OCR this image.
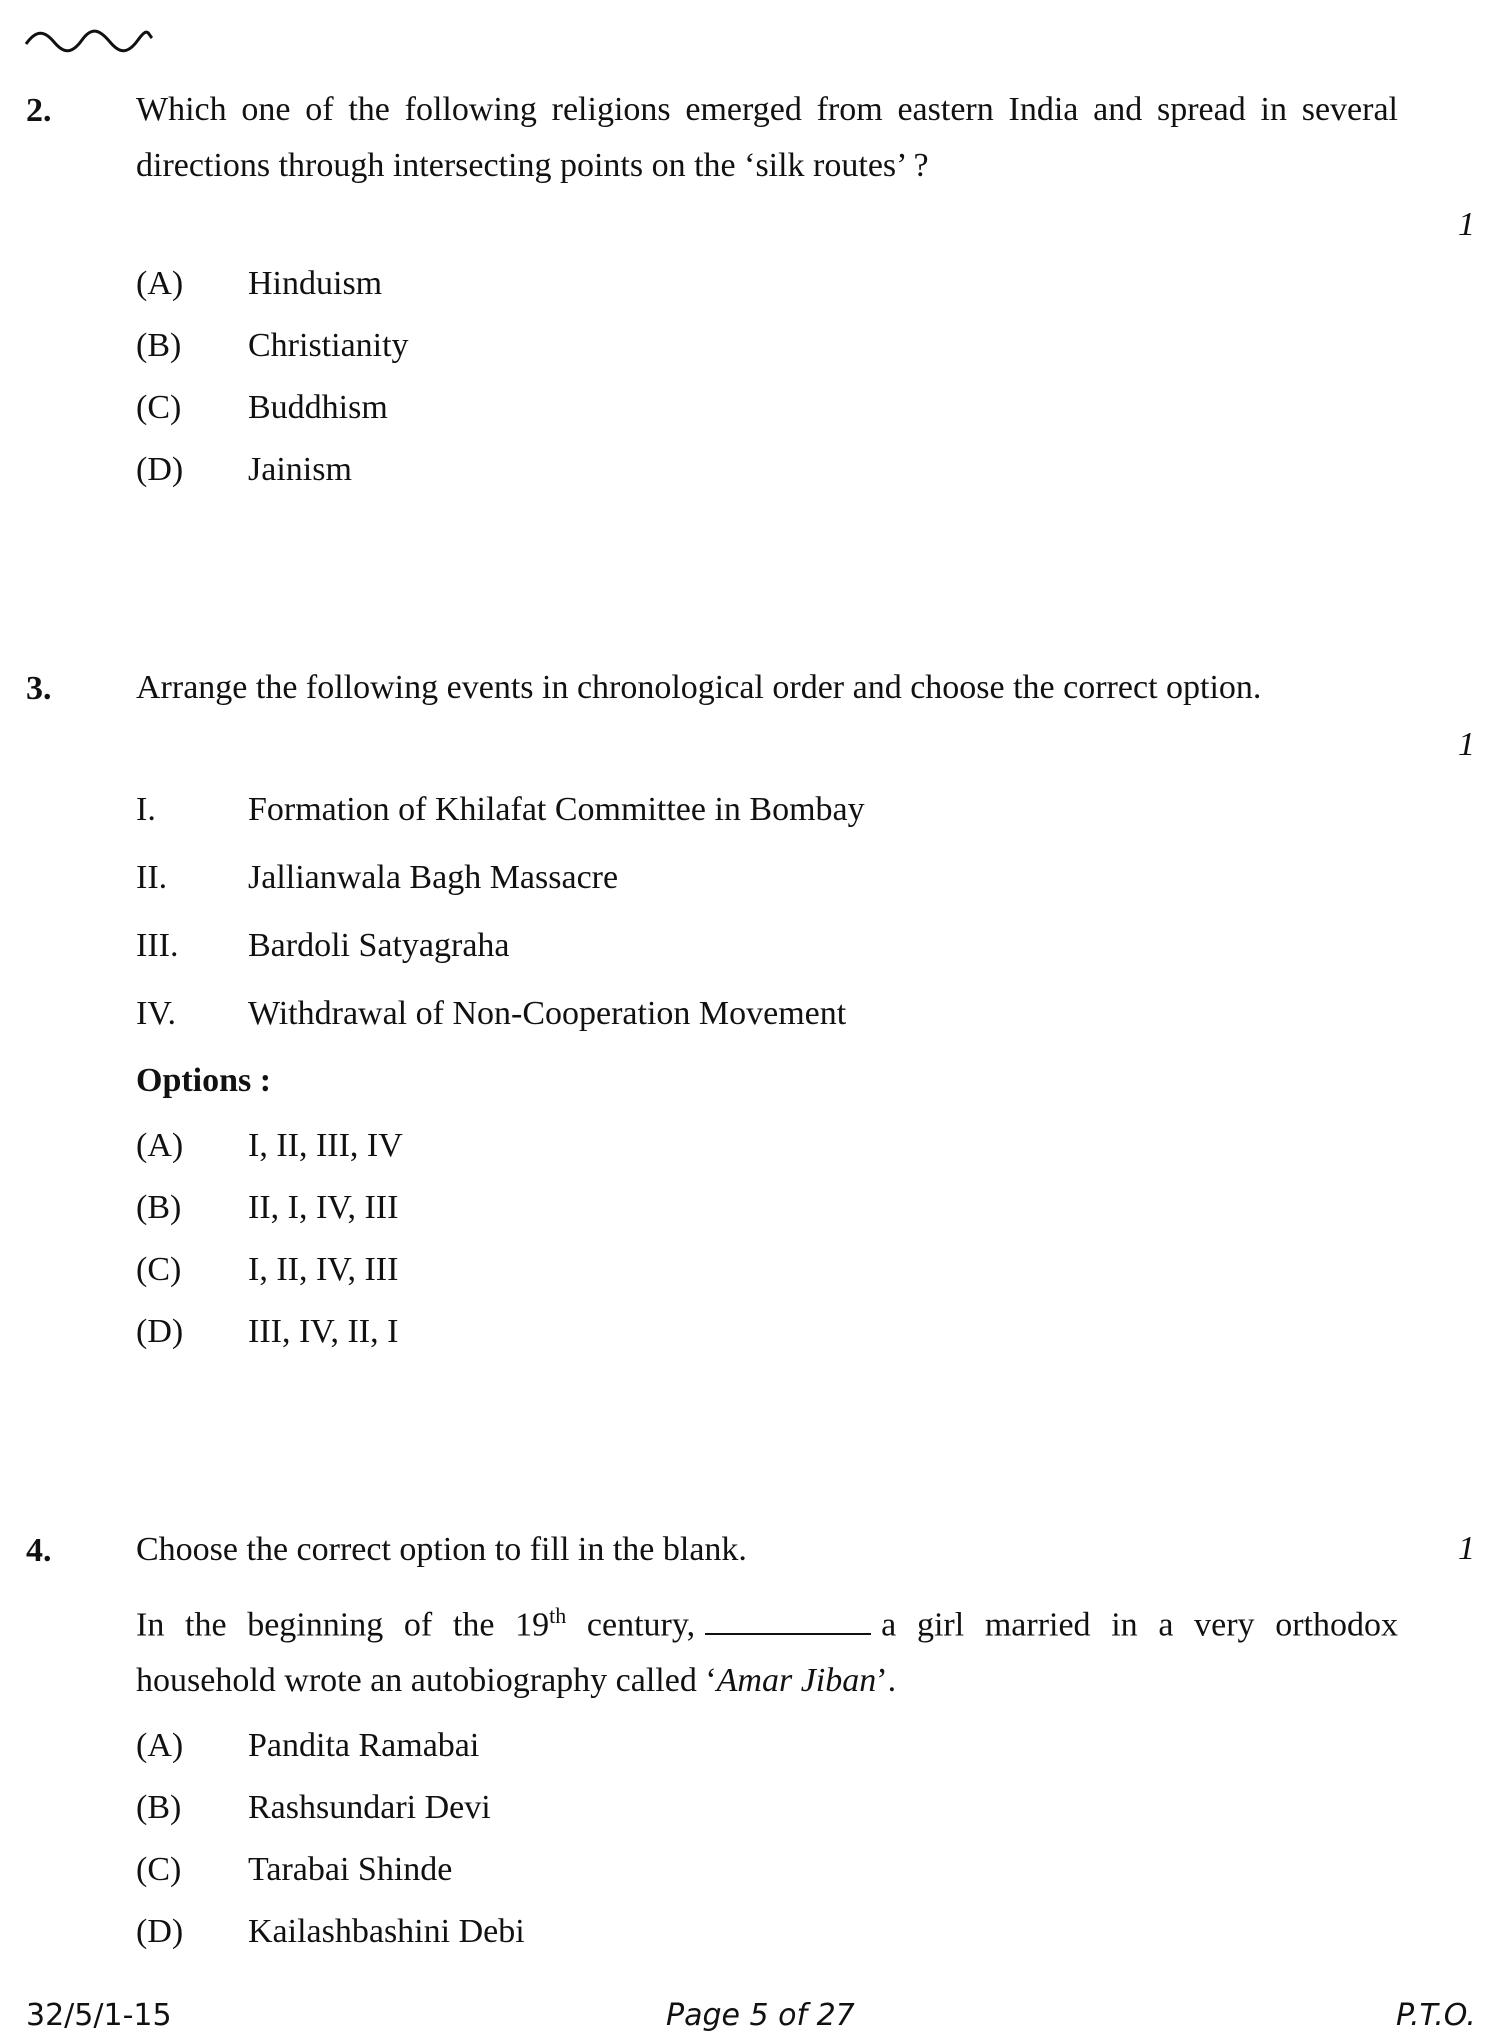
2. Which one of the following religions emerged from eastern India and spread in several directions through intersecting points on the ‘silk routes’ ?
1
(A) Hinduism
(B) Christianity
(C) Buddhism
(D) Jainism
3. Arrange the following events in chronological order and choose the correct option.
1
I.	Formation of Khilafat Committee in Bombay
II. Jallianwala Bagh Massacre
III. Bardoli Satyagraha
IV. Withdrawal of Non-Cooperation Movement
Options :
(A) I, II, III, IV
(B) II, I, IV, III
(C) I, II, IV, III
(D) III, IV, II, I
4. Choose the correct option to fill in the blank.	1
In the beginning of the 19th century,	a girl married in a very orthodox household wrote an autobiography called ‘Amar Jiban’.
(A) Pandita Ramabai
(B) Rashsundari Devi
(C) Tarabai Shinde
(D) Kailashbashini Debi
32/5/1-15	Page 5 of 27	P.T.O.
